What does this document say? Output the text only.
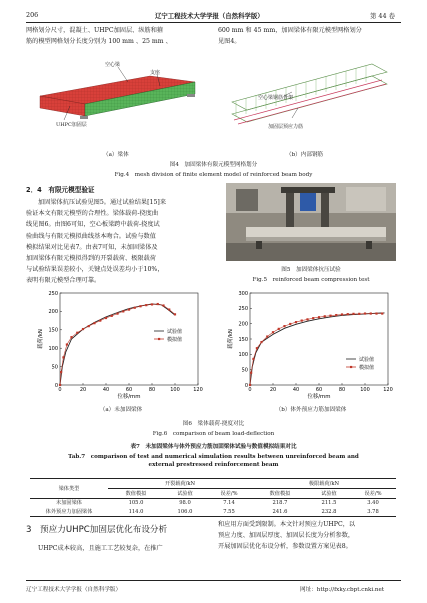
206	辽宁工程技术大学学报（自然科学版）	第 44 卷
网格划分尺寸，混凝土、UHPC加固层、纵筋和箍
筋的模型网格划分长度分别为 100 mm 、25 mm 、
600 mm 和 45 mm，加固梁体有限元模型网格划分
见图4。
空心梁
支座
UHPC加固层
（a）梁体
空心梁钢筋骨架
加固层预应力筋
（b）内部钢筋
图4　加固梁体有限元模型网格划分
Fig.4　mesh division of finite element model of reinforced beam body
2．4　有限元模型验证
加固梁体抗压试验见图5。通过试验结果[15]来
验证本文有限元模型的合理性。梁体载荷-挠度曲
线见图6。由图6可知，空心板梁跨中载荷-挠度试
验曲线与有限元模拟曲线基本吻合。试验与数值
模拟结果对比见表7。由表7可知，未加固梁体及
加固梁体有限元模拟得到的开裂载荷、极限载荷
与试验结果误差较小，关键点处误差均小于10%，
表明有限元模型合理可靠。
图5　加固梁体抗压试验
Fig.5　reinforced beam compression test
0	20	40	60	80	100	120
0
50
100
150
200
250
位移/mm
载荷/kN	试验值
模拟值
0	20	40	60	80	100	120
0
50
100
150
200
250
300
位移/mm
载荷/kN
试验值
模拟值
（a）未加固梁体	（b）体外预应力筋加固梁体
图6　梁体载荷-挠度对比
Fig.6　comparison of beam load-deflection
表7　未加固梁体与体外预应力筋加固梁体试验与数值模拟结果对比
Tab.7　comparison of test and numerical simulation results between unreinforced beam and
external prestressed reinforcement beam
梁体类型	开裂载荷/kN			极限载荷/kN		
	数值模拟	试验值	误差/%	数值模拟	试验值	误差/%
未加固梁体	105.0	98.0	7.14	218.7	211.5	3.40
体外预应力加固梁体	114.0	106.0	7.55	241.6	232.8	3.78
3　预应力UHPC加固层优化布设分析
UHPC成本较高，且施工工艺较复杂，在推广
和应用方面受到限制。本文针对预应力UHPC，以
预应力度、加固层厚度、加固层长度为分析参数，
开展加固层优化布设分析，参数设置方案见表8。
辽宁工程技术大学学报（自然科学版）	网址：http://fxky.cbpt.cnki.net
